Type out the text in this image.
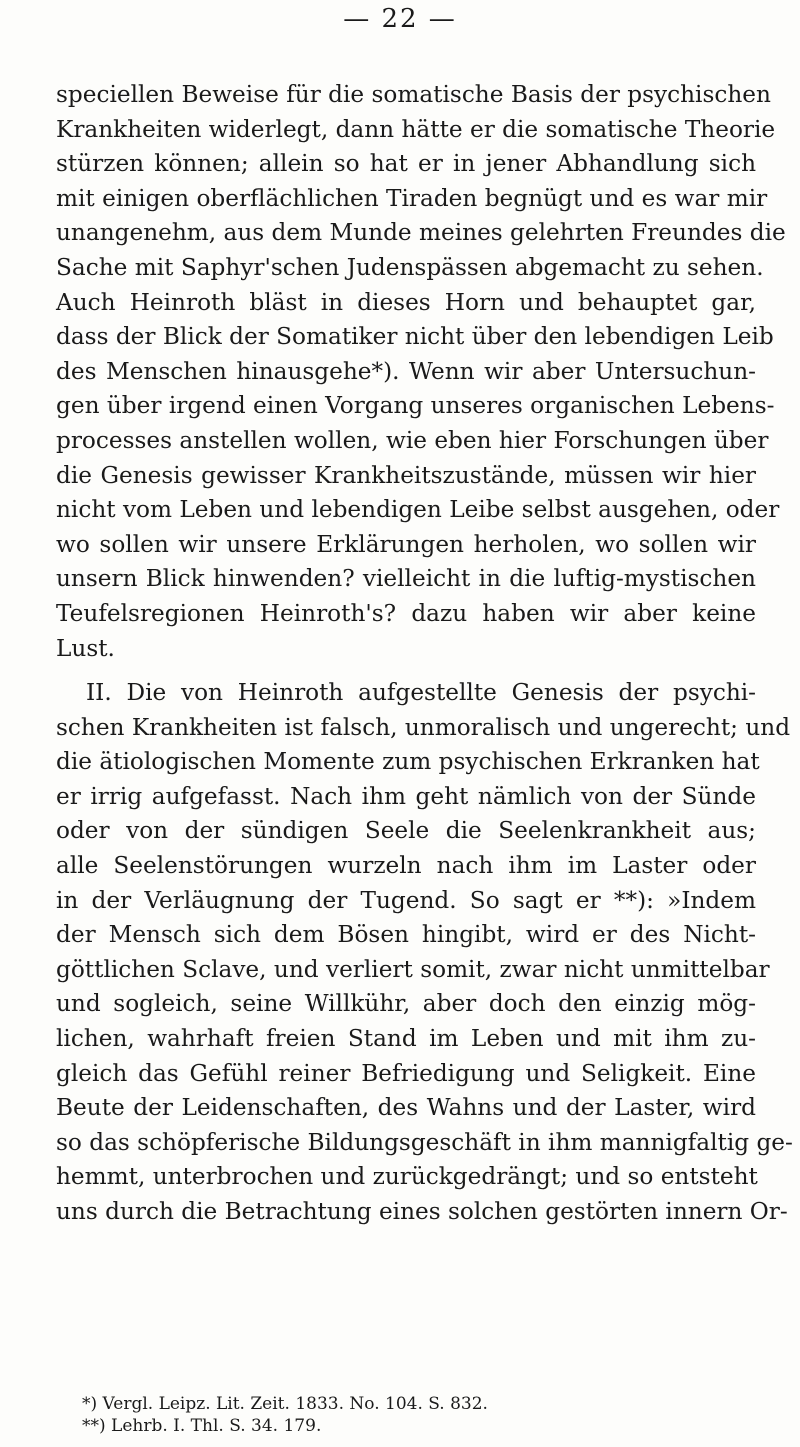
— 22 —
speciellen Beweise für die somatische Basis der psychischen
Krankheiten widerlegt, dann hätte er die somatische Theorie
stürzen können; allein so hat er in jener Abhandlung sich
mit einigen oberflächlichen Tiraden begnügt und es war mir
unangenehm, aus dem Munde meines gelehrten Freundes die
Sache mit Saphyr'schen Judenspässen abgemacht zu sehen.
Auch Heinroth bläst in dieses Horn und behauptet gar,
dass der Blick der Somatiker nicht über den lebendigen Leib
des Menschen hinausgehe*). Wenn wir aber Untersuchun-
gen über irgend einen Vorgang unseres organischen Lebens-
processes anstellen wollen, wie eben hier Forschungen über
die Genesis gewisser Krankheitszustände, müssen wir hier
nicht vom Leben und lebendigen Leibe selbst ausgehen, oder
wo sollen wir unsere Erklärungen herholen, wo sollen wir
unsern Blick hinwenden? vielleicht in die luftig-mystischen
Teufelsregionen Heinroth's? dazu haben wir aber keine
Lust.
II. Die von Heinroth aufgestellte Genesis der psychi-
schen Krankheiten ist falsch, unmoralisch und ungerecht; und
die ätiologischen Momente zum psychischen Erkranken hat
er irrig aufgefasst. Nach ihm geht nämlich von der Sünde
oder von der sündigen Seele die Seelenkrankheit aus;
alle Seelenstörungen wurzeln nach ihm im Laster oder
in der Verläugnung der Tugend. So sagt er **): »Indem
der Mensch sich dem Bösen hingibt, wird er des Nicht-
göttlichen Sclave, und verliert somit, zwar nicht unmittelbar
und sogleich, seine Willkühr, aber doch den einzig mög-
lichen, wahrhaft freien Stand im Leben und mit ihm zu-
gleich das Gefühl reiner Befriedigung und Seligkeit. Eine
Beute der Leidenschaften, des Wahns und der Laster, wird
so das schöpferische Bildungsgeschäft in ihm mannigfaltig ge-
hemmt, unterbrochen und zurückgedrängt; und so entsteht
uns durch die Betrachtung eines solchen gestörten innern Or-
*) Vergl. Leipz. Lit. Zeit. 1833. No. 104. S. 832.
**) Lehrb. I. Thl. S. 34. 179.
